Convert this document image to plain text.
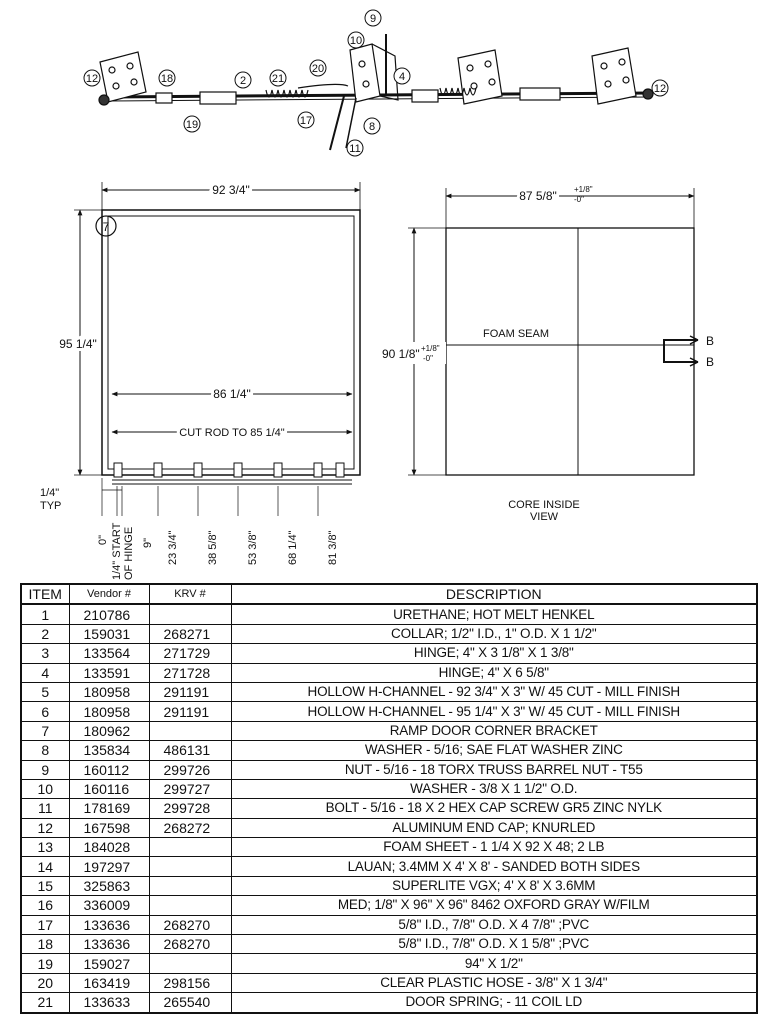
9
10
12	18
19
2 21
20
4
17
11
8
12
7
92 3/4"
95 1/4"
86 1/4"
CUT ROD TO 85 1/4"
1/4"
TYP
0" 1/4" START OF HINGE 9" 23 3/4"	38 5/8"	53 3/8"	68 1/4"	81 3/8"
87 5/8" +1/8"
-0"
90 1/8" +1/8"
-0"
FOAM SEAM	B
B
CORE INSIDE
VIEW
ITEM	Vendor #	KRV #	DESCRIPTION
1	210786		URETHANE; HOT MELT HENKEL
2	159031	268271	COLLAR; 1/2" I.D., 1" O.D. X 1 1/2"
3	133564	271729	HINGE; 4" X 3 1/8" X 1 3/8"
4	133591	271728	HINGE; 4" X 6 5/8"
5	180958	291191	HOLLOW H-CHANNEL - 92 3/4" X 3" W/ 45 CUT - MILL FINISH
6	180958	291191	HOLLOW H-CHANNEL - 95 1/4" X 3" W/ 45 CUT - MILL FINISH
7	180962		RAMP DOOR CORNER BRACKET
8	135834	486131	WASHER - 5/16; SAE FLAT WASHER ZINC
9	160112	299726	NUT - 5/16 - 18 TORX TRUSS BARREL NUT - T55
10	160116	299727	WASHER - 3/8 X 1 1/2" O.D.
11	178169	299728	BOLT - 5/16 - 18 X 2 HEX CAP SCREW GR5 ZINC NYLK
12	167598	268272	ALUMINUM END CAP; KNURLED
13	184028		FOAM SHEET - 1 1/4 X 92 X 48; 2 LB
14	197297		LAUAN; 3.4MM X 4' X 8' - SANDED BOTH SIDES
15	325863		SUPERLITE VGX; 4' X 8' X 3.6MM
16	336009		MED; 1/8" X 96" X 96" 8462 OXFORD GRAY W/FILM
17	133636	268270	5/8" I.D., 7/8" O.D. X 4 7/8" ;PVC
18	133636	268270	5/8" I.D., 7/8" O.D. X 1 5/8" ;PVC
19	159027		94" X 1/2"
20	163419	298156	CLEAR PLASTIC HOSE - 3/8" X 1 3/4"
21	133633	265540	DOOR SPRING; - 11 COIL LD
